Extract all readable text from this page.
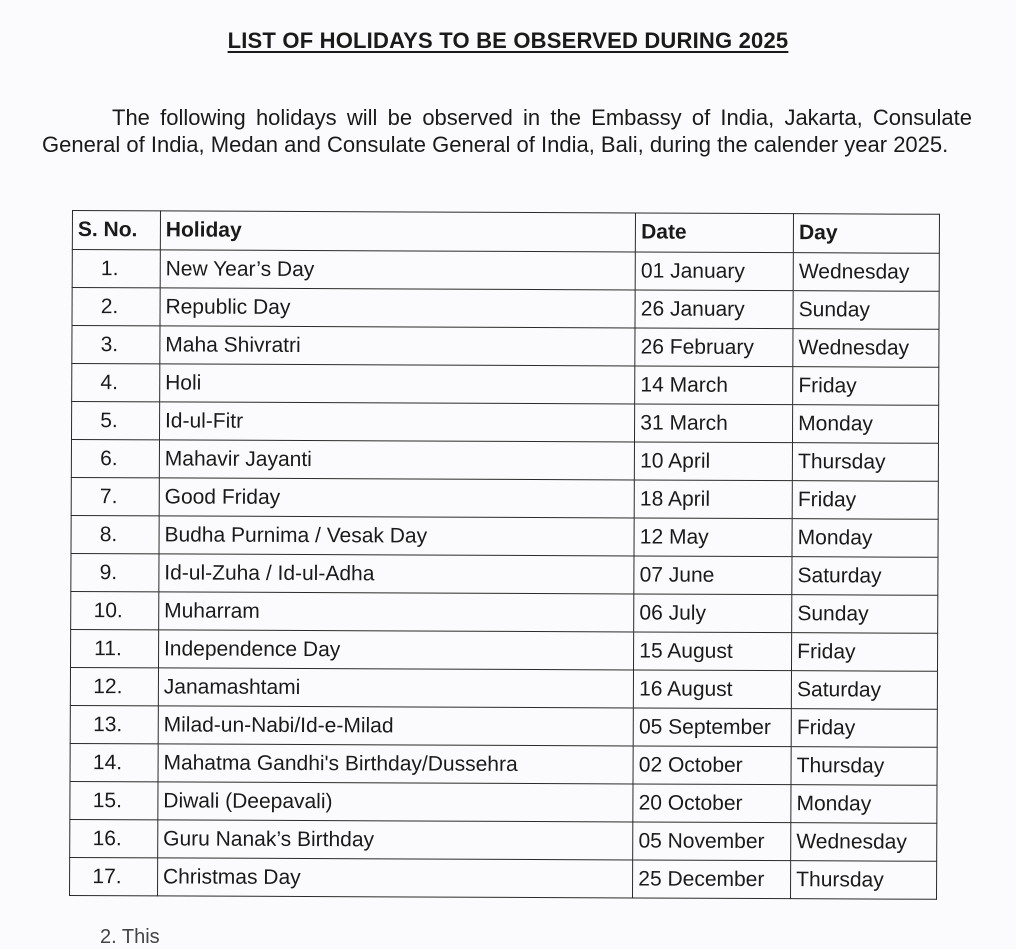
LIST OF HOLIDAYS TO BE OBSERVED DURING 2025

The following holidays will be observed in the Embassy of India, Jakarta, Consulate General of India, Medan and Consulate General of India, Bali, during the calender year 2025.

S. No.	Holiday	Date	Day
1.	New Year’s Day	01 January	Wednesday
2.	Republic Day	26 January	Sunday
3.	Maha Shivratri	26 February	Wednesday
4.	Holi	14 March	Friday
5.	Id-ul-Fitr	31 March	Monday
6.	Mahavir Jayanti	10 April	Thursday
7.	Good Friday	18 April	Friday
8.	Budha Purnima / Vesak Day	12 May	Monday
9.	Id-ul-Zuha / Id-ul-Adha	07 June	Saturday
10.	Muharram	06 July	Sunday
11.	Independence Day	15 August	Friday
12.	Janamashtami	16 August	Saturday
13.	Milad-un-Nabi/Id-e-Milad	05 September	Friday
14.	Mahatma Gandhi's Birthday/Dussehra	02 October	Thursday
15.	Diwali (Deepavali)	20 October	Monday
16.	Guru Nanak’s Birthday	05 November	Wednesday
17.	Christmas Day	25 December	Thursday
2. This
